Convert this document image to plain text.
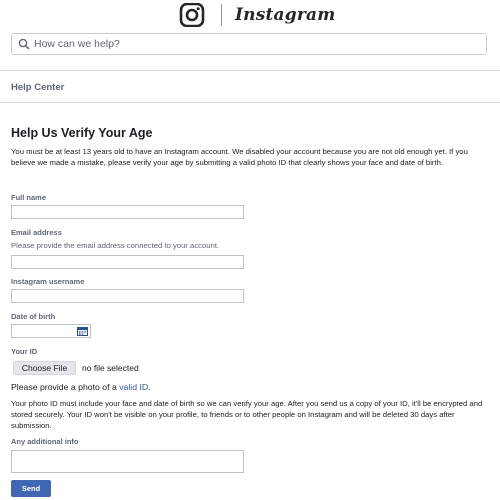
Instagram
How can we help?
Help Center
Help Us Verify Your Age
You must be at least 13 years old to have an Instagram account. We disabled your account because you are not old enough yet. If you believe we made a mistake, please verify your age by submitting a valid photo ID that clearly shows your face and date of birth.
Full name
Email address
Please provide the email address connected to your account.
Instagram username
Date of birth
Your ID
Choose File	no file selected
Please provide a photo of a valid ID.
Your photo ID must include your face and date of birth so we can verify your age. After you send us a copy of your ID, it'll be encrypted and stored securely. Your ID won't be visible on your profile, to friends or to other people on Instagram and will be deleted 30 days after submission.
Any additional info
Send
